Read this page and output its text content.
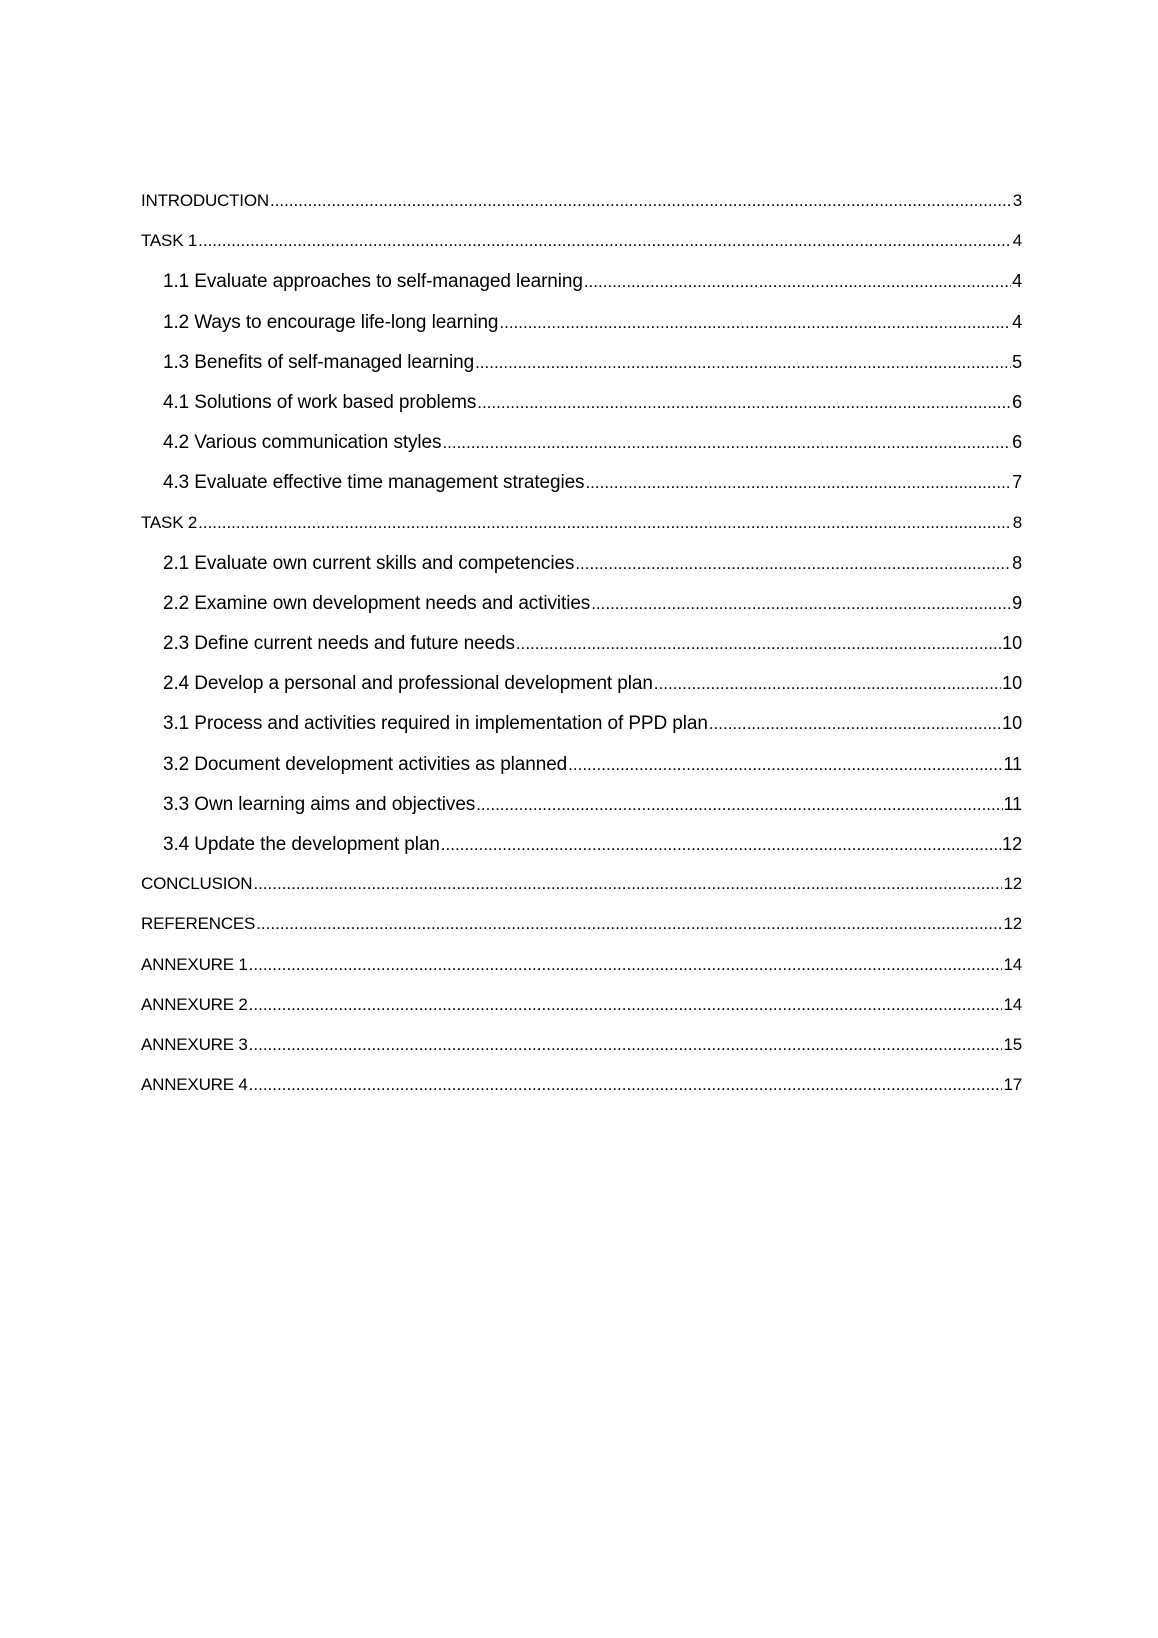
INTRODUCTION .....	3
TASK 1 .....	4
1.1 Evaluate approaches to self-managed learning .....	4
1.2 Ways to encourage life-long learning .....	4
1.3 Benefits of self-managed learning .....	5
4.1 Solutions of work based problems .....	6
4.2 Various communication styles .....	6
4.3 Evaluate effective time management strategies .....	7
TASK 2 .....	8
2.1 Evaluate own current skills and competencies .....	8
2.2 Examine own development needs and activities .....	9
2.3 Define current needs and future needs .....	10
2.4 Develop a personal and professional development plan .....	10
3.1 Process and activities required in implementation of PPD plan .....	10
3.2 Document development activities as planned .....	11
3.3 Own learning aims and objectives .....	11
3.4 Update the development plan .....	12
CONCLUSION .....	12
REFERENCES .....	12
ANNEXURE 1 .....	14
ANNEXURE 2 .....	14
ANNEXURE 3 .....	15
ANNEXURE 4 .....	17
